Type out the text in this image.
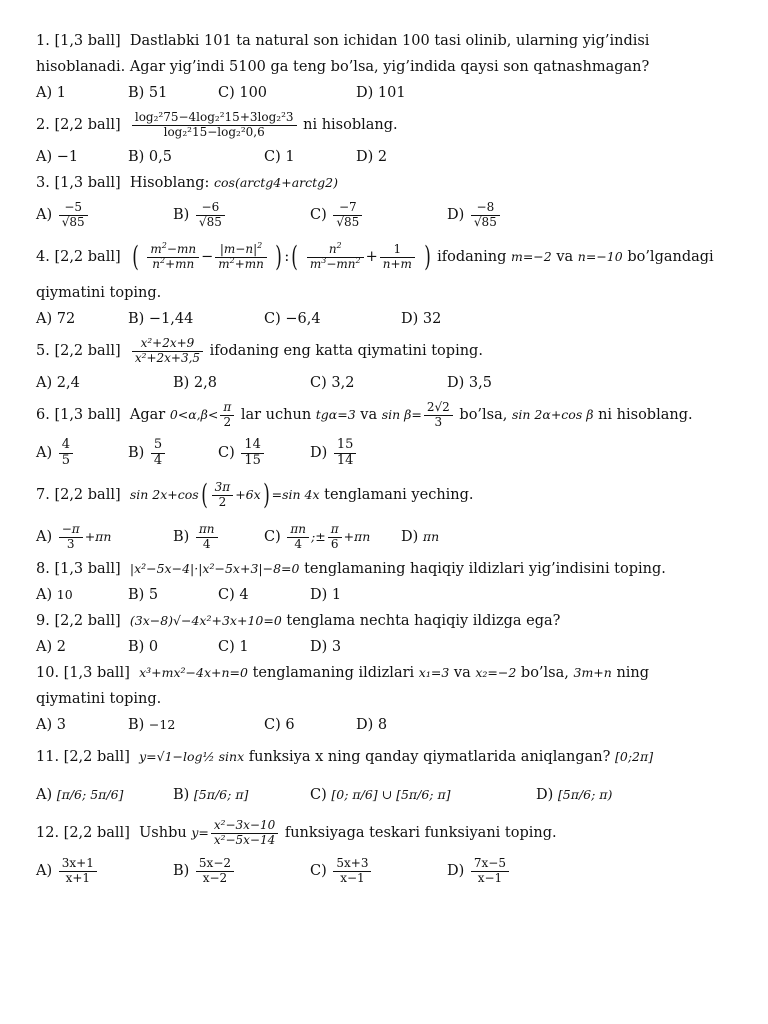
1. [1,3 ball] Dastlabki 101 ta natural son ichidan 100 tasi olinib, ularning yig’indisi
hisoblanadi. Agar yig’indi 5100 ga teng bo’lsa, yig’indida qaysi son qatnashmagan?
A) 1	B) 51	C) 100	D) 101
2. [2,2 ball] $\frac{\text{log₂²75−4log₂²15+3log₂²3}}{\text{log₂²15−log₂²0,6}}$ ni hisoblang.
A) −1	B) 0,5	C) 1	D) 2
3. [1,3 ball] Hisoblang: cos(arctg4+arctg2)
$A) \frac{-5}{√85}$	$B) \frac{-6}{√85}$	$C) \frac{-7}{√85}$	$D) \frac{-8}{√85}$
4. [2,2 ball] ( $\frac{m^2-mn}{n^2+mn} - \frac{|m-n|^2}{m^2+mn}$ ) :( $\frac{n^2}{m^3-mn^2} + \frac{1}{n+m}$ ) ifodaning m=−2 va n=−10 bo’lgandagi
qiymatini toping.
A) 72	B) −1,44	C) −6,4	D) 32
5. [2,2 ball] $\frac{\text{x²+2x+9}}{\text{x²+2x+3,5}}$ ifodaning eng katta qiymatini toping.
A) 2,4	B) 2,8	C) 3,2	D) 3,5
6. [1,3 ball] Agar $0<\alpha,\beta< \frac{\pi}{2}$ lar uchun tgα=3 va $\sin \beta= \frac{2√2}{3}$ bo’lsa, sin 2α+cos β ni hisoblang.
$A) \frac{4}{5}$	$B) \frac{5}{4}$	$C) \frac{14}{15}$	$D) \frac{15}{14}$
7. [2,2 ball] $\sin 2x+\cos( \frac{3\pi}{2} +6x) =\sin$ 4x tenglamani yeching.
$A) \frac{-\pi}{3} +\pi n$	$B) \frac{\pi n}{4}$	$C) \frac{\pi n}{4}$ ;± $\frac{\pi}{6} +\pi n$ D) πn
8. [1,3 ball] |x²−5x−4|·|x²−5x+3|−8=0 tenglamaning haqiqiy ildizlari yig’indisini toping.
A) 10	B) 5	C) 4	D) 1
9. [2,2 ball] (3x−8)√−4x²+3x+10=0 tenglama nechta haqiqiy ildizga ega?
A) 2	B) 0	C) 1	D) 3
10. [1,3 ball] x³+mx²−4x+n=0 tenglamaning ildizlari x₁=3 va x₂=−2 bo’lsa, 3m+n ning
qiymatini toping.
A) 3	B) −12	C) 6	D) 8
11. [2,2 ball] y=√1−log½ sinx funksiya x ning qanday qiymatlarida aniqlangan? [0;2π]
A) [π/6; 5π/6]	B) [5π/6; π]	C) [0; π/6] ∪ [5π/6; π]	D) [5π/6; π)
12. [2,2 ball] Ushbu $y= \frac{\text{x²−3x−10}}{\text{x²−5x−14}}$ funksiyaga teskari funksiyani toping.
$A) \frac{3x+1}{x+1}$	$B) \frac{5x-2}{x-2}$	$C) \frac{5x+3}{x-1}$	$D) \frac{7x-5}{x-1}$
